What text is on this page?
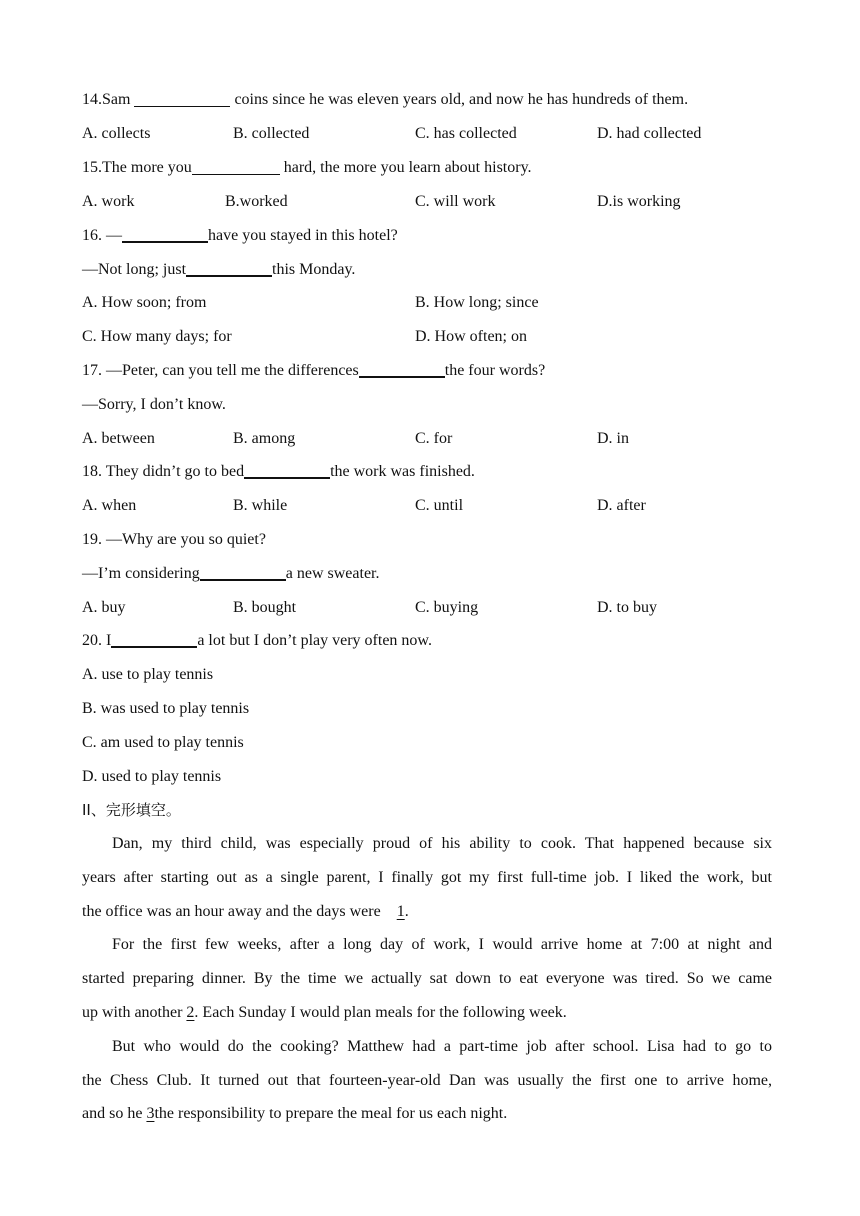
14.Sam	coins since he was eleven years old, and now he has hundreds of them.
A. collects	B. collected	C. has collected	D. had collected
15.The more you	hard, the more you learn about history.
A. work	B.worked	C. will work	D.is working
16. —	have you stayed in this hotel?
—Not long; just	this Monday.
A. How soon; from	B. How long; since
C. How many days; for	D. How often; on
17. —Peter, can you tell me the differences	the four words?
—Sorry, I don’t know.
A. between	B. among	C. for	D. in
18. They didn’t go to bed	the work was finished.
A. when	B. while	C. until	D. after
19. —Why are you so quiet?
—I’m considering	a new sweater.
A. buy	B. bought	C. buying	D. to buy
20. I	a lot but I don’t play very often now.
A. use to play tennis
B. was used to play tennis
C. am used to play tennis
D. used to play tennis
II、完形填空。
Dan, my third child, was especially proud of his ability to cook. That happened because six
years after starting out as a single parent, I finally got my first full-time job. I liked the work, but
the office was an hour away and the days were    1.
For the first few weeks, after a long day of work, I would arrive home at 7:00 at night and
started preparing dinner. By the time we actually sat down to eat everyone was tired. So we came
up with another 2. Each Sunday I would plan meals for the following week.
But who would do the cooking? Matthew had a part-time job after school. Lisa had to go to
the Chess Club. It turned out that fourteen-year-old Dan was usually the first one to arrive home,
and so he 3the responsibility to prepare the meal for us each night.
